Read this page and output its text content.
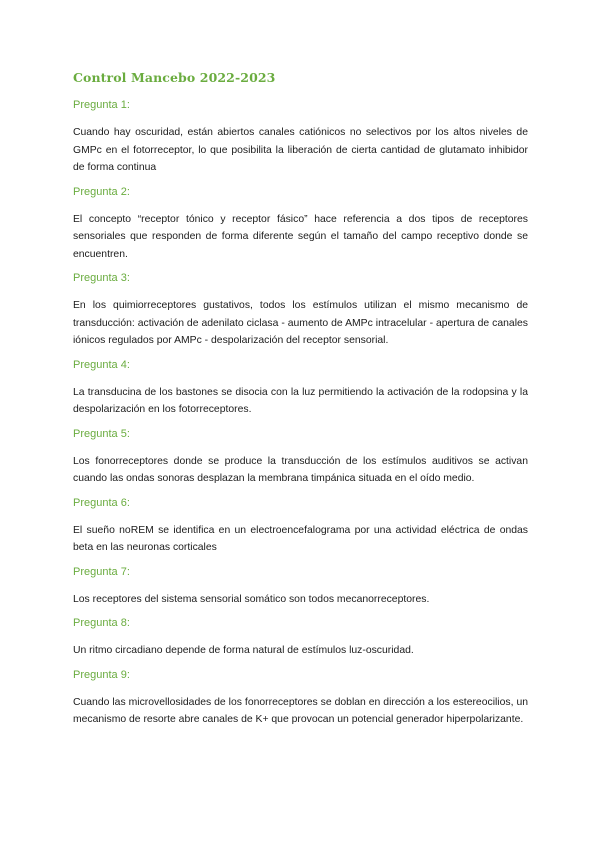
Control Mancebo 2022-2023
Pregunta 1:

Cuando hay oscuridad, están abiertos canales catiónicos no selectivos por los altos niveles de GMPc en el fotorreceptor, lo que posibilita la liberación de cierta cantidad de glutamato inhibidor de forma continua

Pregunta 2:

El concepto “receptor tónico y receptor fásico” hace referencia a dos tipos de receptores sensoriales que responden de forma diferente según el tamaño del campo receptivo donde se encuentren.

Pregunta 3:

En los quimiorreceptores gustativos, todos los estímulos utilizan el mismo mecanismo de transducción: activación de adenilato ciclasa - aumento de AMPc intracelular - apertura de canales iónicos regulados por AMPc - despolarización del receptor sensorial.

Pregunta 4:

La transducina de los bastones se disocia con la luz permitiendo la activación de la rodopsina y la despolarización en los fotorreceptores.

Pregunta 5:

Los fonorreceptores donde se produce la transducción de los estímulos auditivos se activan cuando las ondas sonoras desplazan la membrana timpánica situada en el oído medio.

Pregunta 6:

El sueño noREM se identifica en un electroencefalograma por una actividad eléctrica de ondas beta en las neuronas corticales

Pregunta 7:

Los receptores del sistema sensorial somático son todos mecanorreceptores.

Pregunta 8:

Un ritmo circadiano depende de forma natural de estímulos luz-oscuridad.

Pregunta 9:

Cuando las microvellosidades de los fonorreceptores se doblan en dirección a los estereocilios, un mecanismo de resorte abre canales de K+ que provocan un potencial generador hiperpolarizante.
